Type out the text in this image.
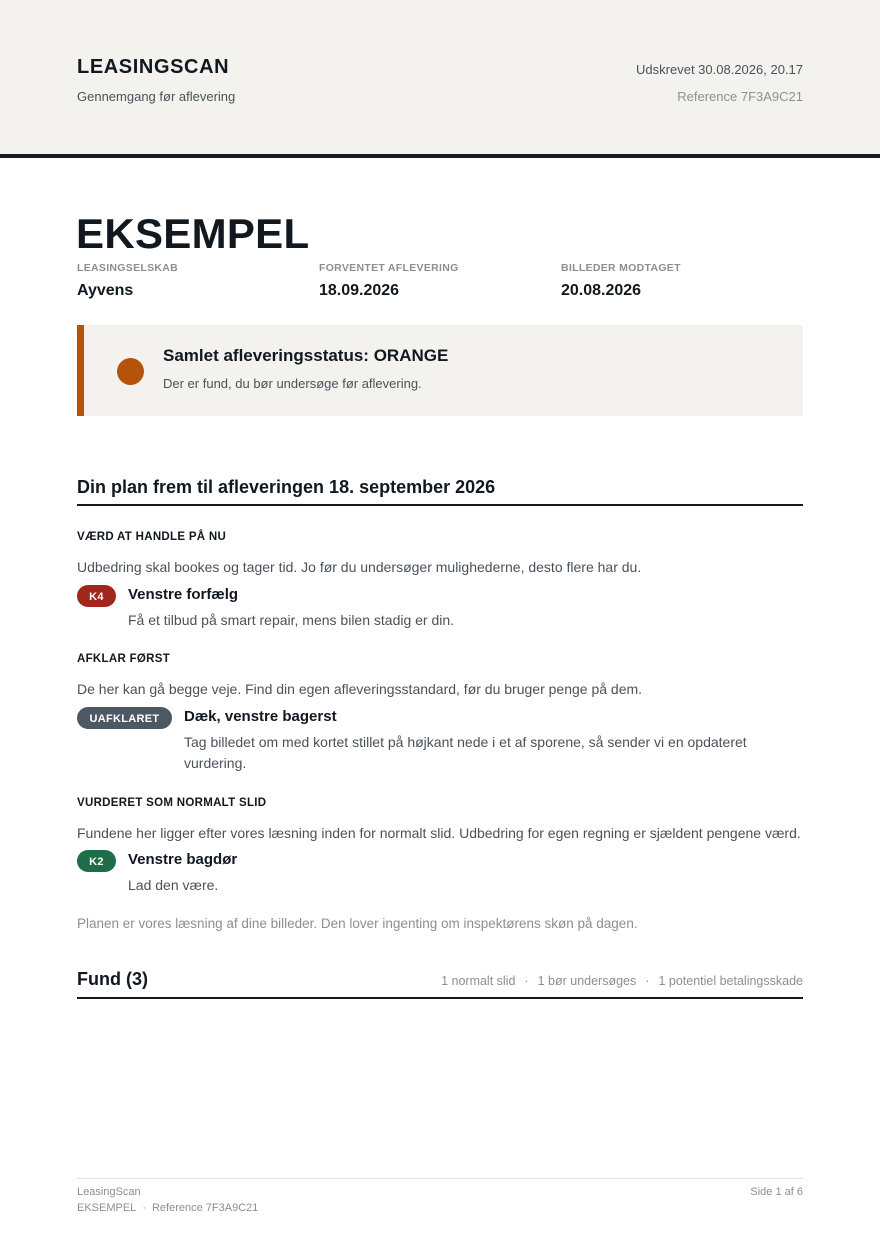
LEASINGSCAN
Gennemgang før aflevering
Udskrevet 30.08.2026, 20.17
Reference 7F3A9C21
EKSEMPEL
LEASINGSELSKAB
Ayvens
FORVENTET AFLEVERING
18.09.2026
BILLEDER MODTAGET
20.08.2026
Samlet afleveringsstatus: ORANGE
Der er fund, du bør undersøge før aflevering.
Din plan frem til afleveringen 18. september 2026
VÆRD AT HANDLE PÅ NU
Udbedring skal bookes og tager tid. Jo før du undersøger mulighederne, desto flere har du.
K4	Venstre forfælg
Få et tilbud på smart repair, mens bilen stadig er din.
AFKLAR FØRST
De her kan gå begge veje. Find din egen afleveringsstandard, før du bruger penge på dem.
UAFKLARET	Dæk, venstre bagerst
Tag billedet om med kortet stillet på højkant nede i et af sporene, så sender vi en opdateret vurdering.
VURDERET SOM NORMALT SLID
Fundene her ligger efter vores læsning inden for normalt slid. Udbedring for egen regning er sjældent pengene værd.
K2	Venstre bagdør
Lad den være.
Planen er vores læsning af dine billeder. Den lover ingenting om inspektørens skøn på dagen.
Fund (3)	1 normalt slid · 1 bør undersøges · 1 potentiel betalingsskade
LeasingScan
EKSEMPEL · Reference 7F3A9C21
Side 1 af 6
